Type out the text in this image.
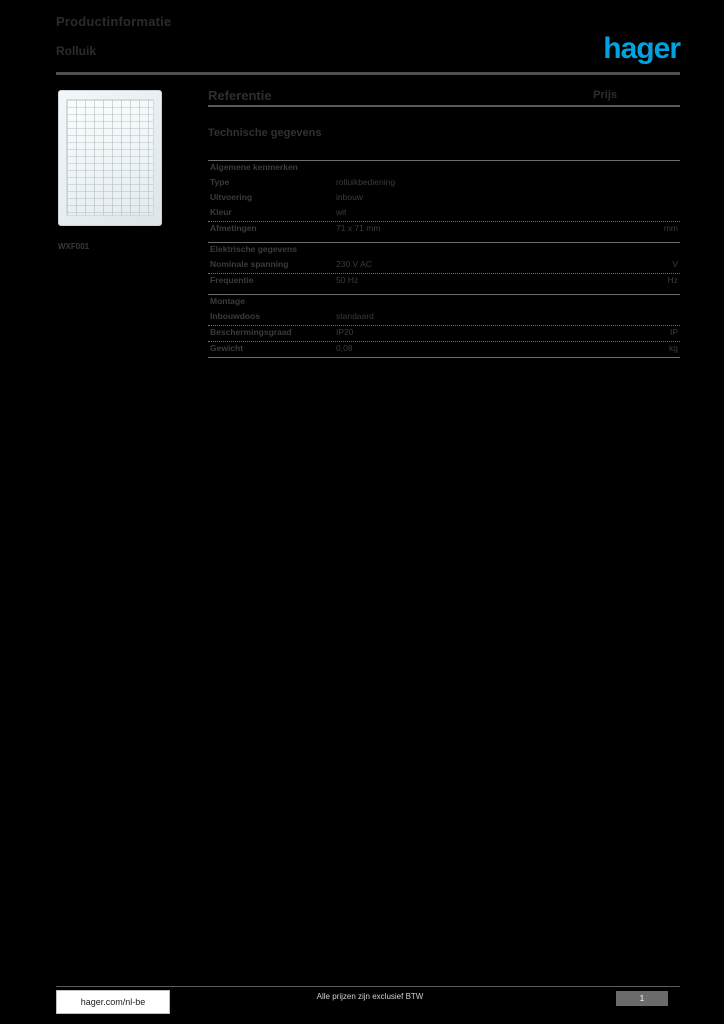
Productinformatie
Rolluik	hager
WXF001
Referentie	Prijs
Technische gegevens
Algemene kenmerken
Type	rolluikbediening
Uitvoering	inbouw
Kleur	wit
Afmetingen	71 x 71 mm	mm
Elektrische gegevens
Nominale spanning	230 V AC	V
Frequentie	50 Hz	Hz
Montage
Inbouwdoos	standaard
Beschermingsgraad	IP20	IP
Gewicht	0,08	kg
hager.com/nl-be
Alle prijzen zijn exclusief BTW	1
